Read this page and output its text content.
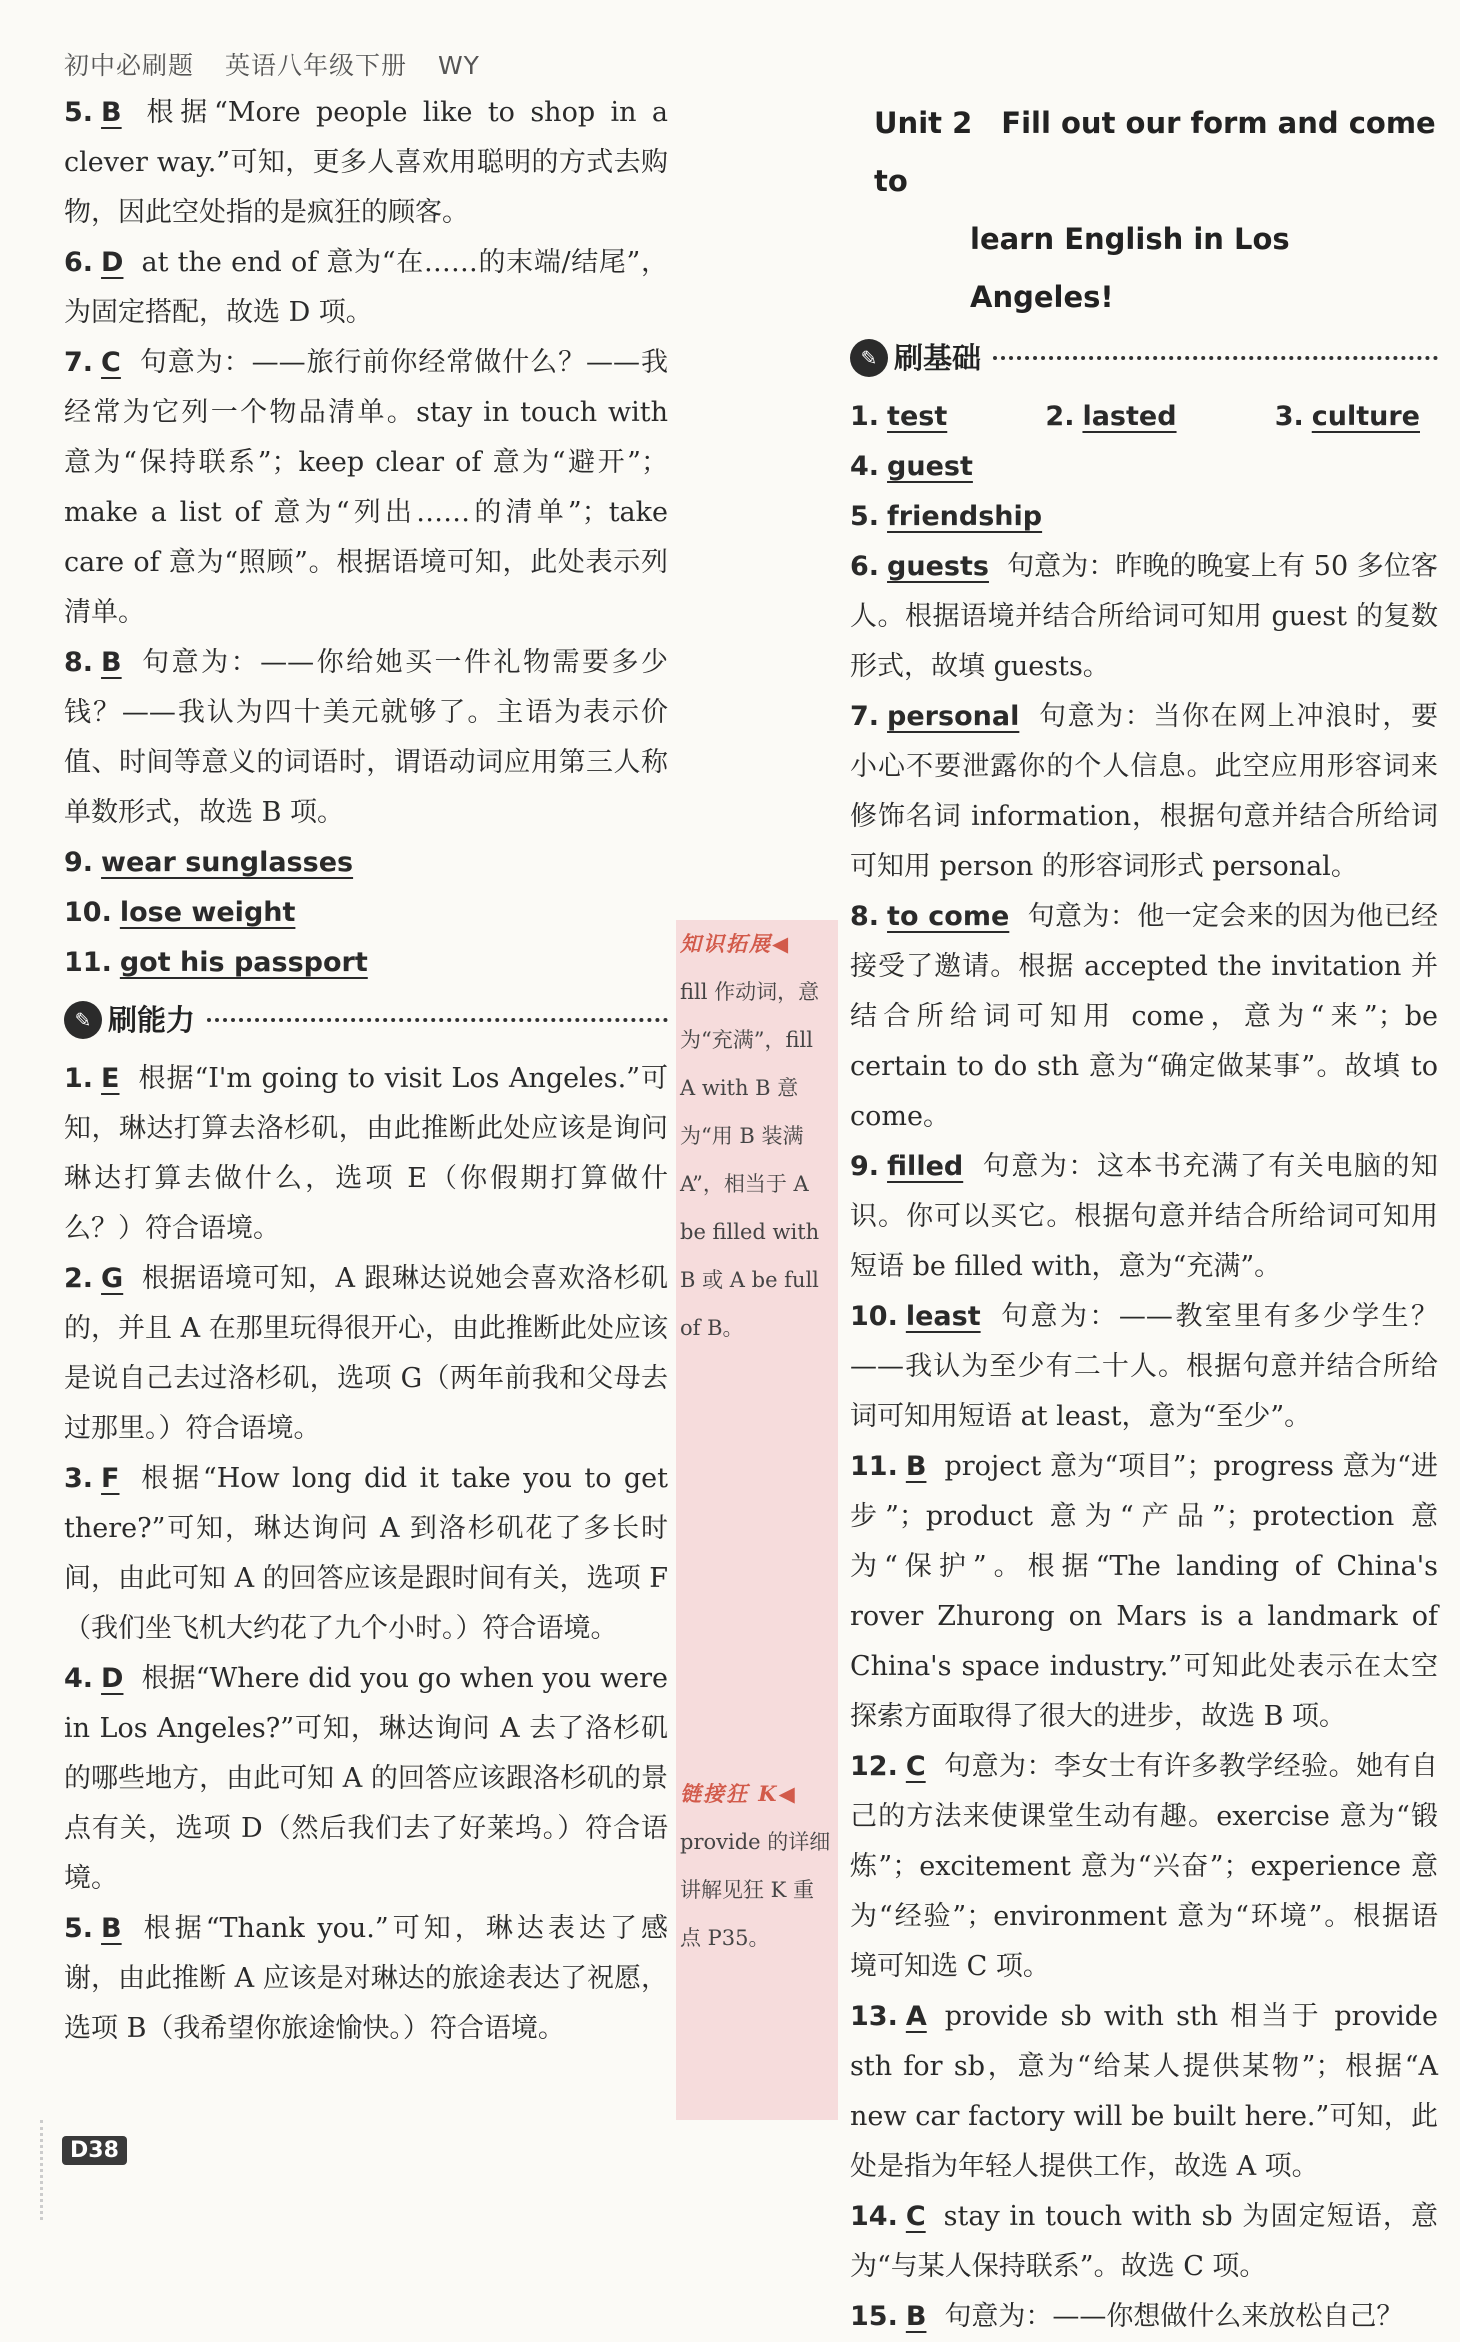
初中必刷题 英语八年级下册 WY

5. B 根据“More people like to shop in a clever way.”可知，更多人喜欢用聪明的方式去购物，因此空处指的是疯狂的顾客。

6. D at the end of 意为“在……的末端/结尾”，为固定搭配，故选 D 项。

7. C 句意为：——旅行前你经常做什么？——我经常为它列一个物品清单。stay in touch with 意为“保持联系”；keep clear of 意为“避开”；make a list of 意为“列出……的清单”；take care of 意为“照顾”。根据语境可知，此处表示列清单。

8. B 句意为：——你给她买一件礼物需要多少钱？——我认为四十美元就够了。主语为表示价值、时间等意义的词语时，谓语动词应用第三人称单数形式，故选 B 项。

9. wear sunglasses

10. lose weight

11. got his passport

✎ 刷能力

1. E 根据“I'm going to visit Los Angeles.”可知，琳达打算去洛杉矶，由此推断此处应该是询问琳达打算去做什么，选项 E（你假期打算做什么？）符合语境。

2. G 根据语境可知，A 跟琳达说她会喜欢洛杉矶的，并且 A 在那里玩得很开心，由此推断此处应该是说自己去过洛杉矶，选项 G（两年前我和父母去过那里。）符合语境。

3. F 根据“How long did it take you to get there?”可知，琳达询问 A 到洛杉矶花了多长时间，由此可知 A 的回答应该是跟时间有关，选项 F（我们坐飞机大约花了九个小时。）符合语境。

4. D 根据“Where did you go when you were in Los Angeles?”可知，琳达询问 A 去了洛杉矶的哪些地方，由此可知 A 的回答应该跟洛杉矶的景点有关，选项 D（然后我们去了好莱坞。）符合语境。

5. B 根据“Thank you.”可知，琳达表达了感谢，由此推断 A 应该是对琳达的旅途表达了祝愿，选项 B（我希望你旅途愉快。）符合语境。

知识拓展◀
fill 作动词，意为“充满”，fill A with B 意为“用 B 装满 A”，相当于 A be filled with B 或 A be full of B。
链接狂 K◀
provide 的详细讲解见狂 K 重点 P35。
Unit 2　Fill out our form and come to
learn English in Los Angeles!
✎ 刷基础

1. test	2. lasted	3. culture 4. guest

5. friendship

6. guests 句意为：昨晚的晚宴上有 50 多位客人。根据语境并结合所给词可知用 guest 的复数形式，故填 guests。

7. personal 句意为：当你在网上冲浪时，要小心不要泄露你的个人信息。此空应用形容词来修饰名词 information，根据句意并结合所给词可知用 person 的形容词形式 personal。

8. to come 句意为：他一定会来的因为他已经接受了邀请。根据 accepted the invitation 并结合所给词可知用 come，意为“来”；be certain to do sth 意为“确定做某事”。故填 to come。

9. filled 句意为：这本书充满了有关电脑的知识。你可以买它。根据句意并结合所给词可知用短语 be filled with，意为“充满”。

10. least 句意为：——教室里有多少学生？——我认为至少有二十人。根据句意并结合所给词可知用短语 at least，意为“至少”。

11. B project 意为“项目”；progress 意为“进步”；product 意为“产品”；protection 意为“保护”。根据“The landing of China's rover Zhurong on Mars is a landmark of China's space industry.”可知此处表示在太空探索方面取得了很大的进步，故选 B 项。

12. C 句意为：李女士有许多教学经验。她有自己的方法来使课堂生动有趣。exercise 意为“锻炼”；excitement 意为“兴奋”；experience 意为“经验”；environment 意为“环境”。根据语境可知选 C 项。

13. A provide sb with sth 相当于 provide sth for sb，意为“给某人提供某物”；根据“A new car factory will be built here.”可知，此处是指为年轻人提供工作，故选 A 项。

14. C stay in touch with sb 为固定短语，意为“与某人保持联系”。故选 C 项。

15. B 句意为：——你想做什么来放松自己？

D38
